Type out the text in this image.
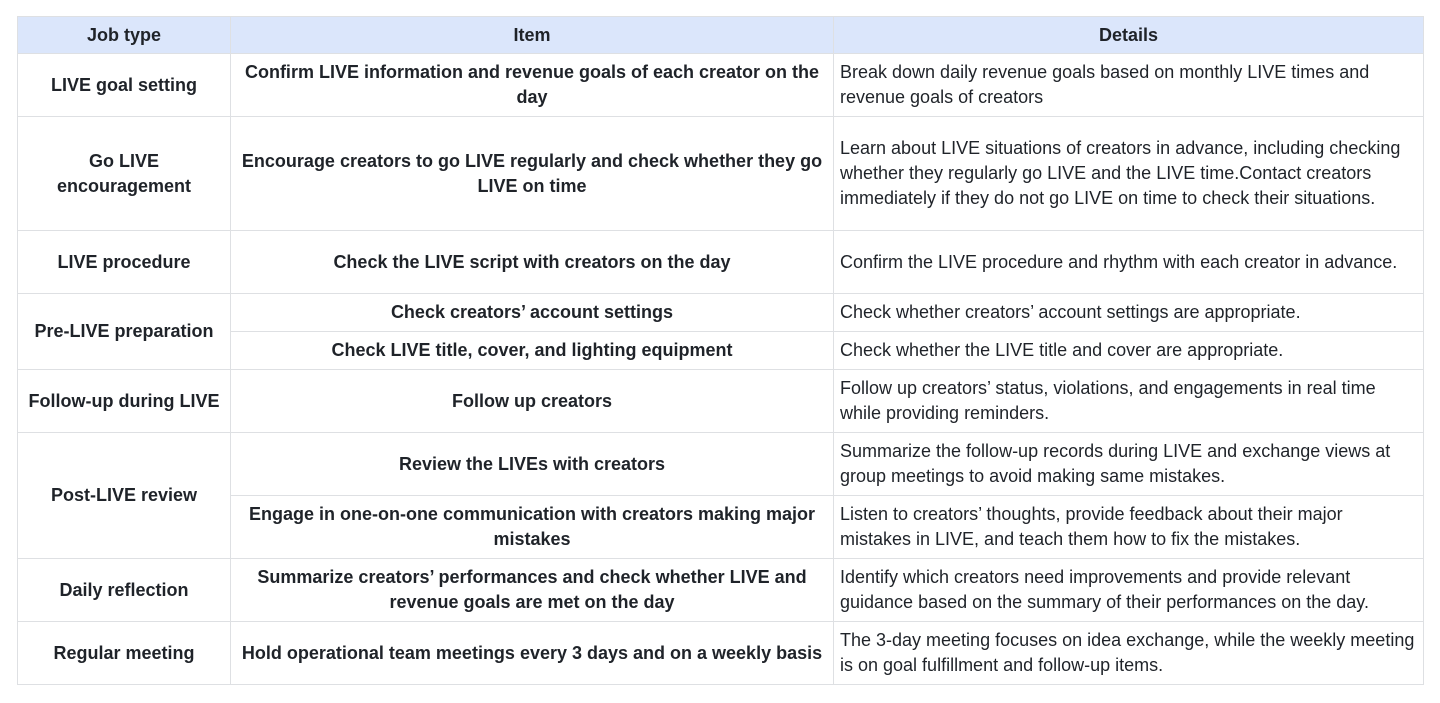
Job type	Item	Details
LIVE goal setting	Confirm LIVE information and revenue goals of each creator on the day	Break down daily revenue goals based on monthly LIVE times and revenue goals of creators
Go LIVE encouragement	Encourage creators to go LIVE regularly and check whether they go LIVE on time	Learn about LIVE situations of creators in advance, including checking whether they regularly go LIVE and the LIVE time.Contact creators immediately if they do not go LIVE on time to check their situations.
LIVE procedure	Check the LIVE script with creators on the day	Confirm the LIVE procedure and rhythm with each creator in advance.
Pre-LIVE preparation	Check creators’ account settings	Check whether creators’ account settings are appropriate.
	Check LIVE title, cover, and lighting equipment	Check whether the LIVE title and cover are appropriate.
Follow-up during LIVE	Follow up creators	Follow up creators’ status, violations, and engagements in real time while providing reminders.
Post-LIVE review	Review the LIVEs with creators	Summarize the follow-up records during LIVE and exchange views at group meetings to avoid making same mistakes.
	Engage in one-on-one communication with creators making major mistakes	Listen to creators’ thoughts, provide feedback about their major mistakes in LIVE, and teach them how to fix the mistakes.
Daily reflection	Summarize creators’ performances and check whether LIVE and revenue goals are met on the day	Identify which creators need improvements and provide relevant guidance based on the summary of their performances on the day.
Regular meeting	Hold operational team meetings every 3 days and on a weekly basis	The 3-day meeting focuses on idea exchange, while the weekly meeting is on goal fulfillment and follow-up items.
